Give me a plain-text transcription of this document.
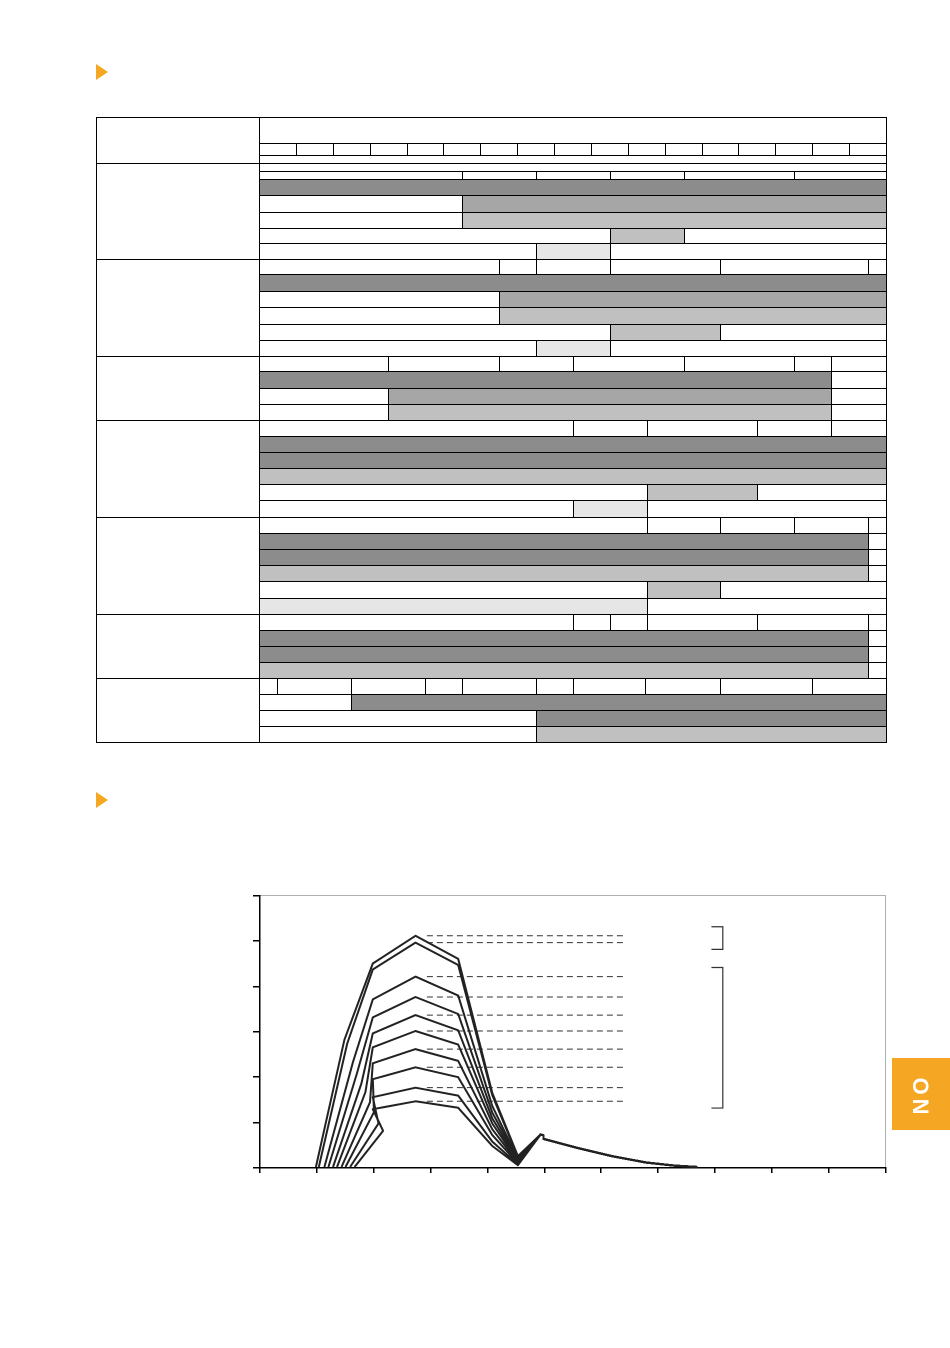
NO
